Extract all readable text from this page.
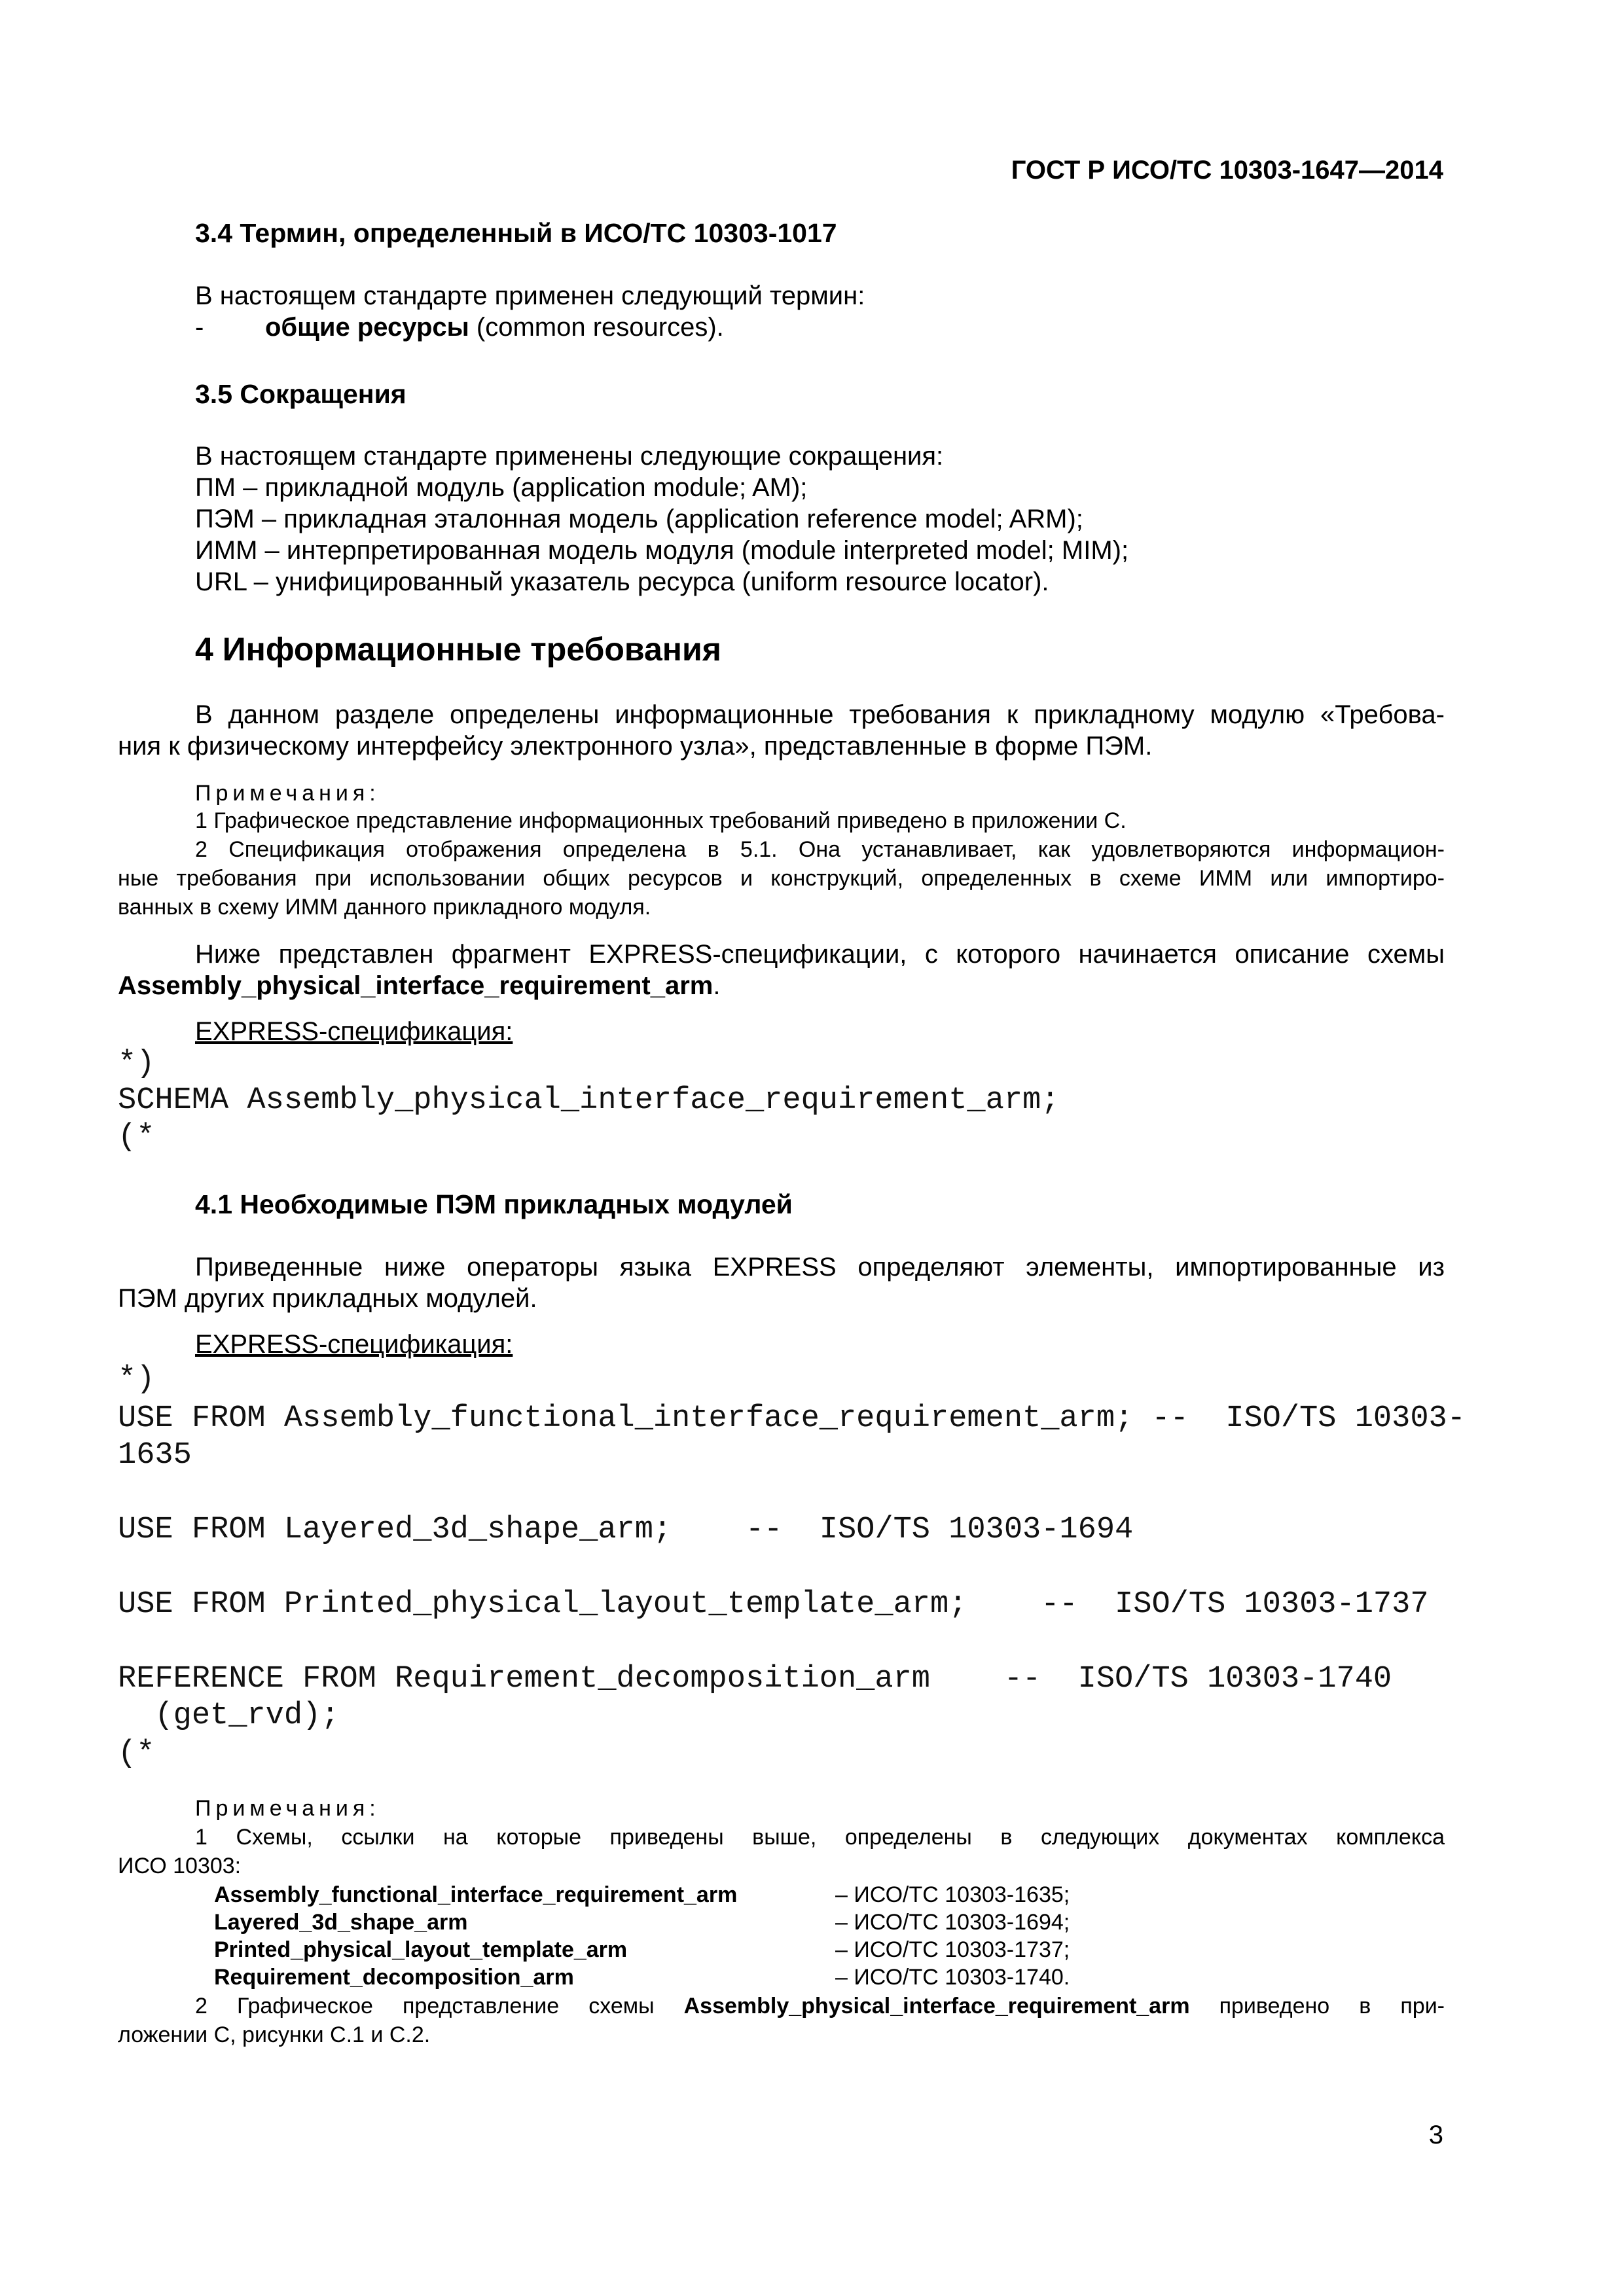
ГОСТ Р ИСО/ТС 10303-1647—2014
3.4 Термин, определенный в ИСО/ТС 10303-1017
В настоящем стандарте применен следующий термин:
- общие ресурсы (common resources).
3.5 Сокращения
В настоящем стандарте применены следующие сокращения:
ПМ – прикладной модуль (application module; AM);
ПЭМ – прикладная эталонная модель (application reference model; ARM);
ИММ – интерпретированная модель модуля (module interpreted model; MIM);
URL – унифицированный указатель ресурса (uniform resource locator).
4 Информационные требования
В данном разделе определены информационные требования к прикладному модулю «Требова-
ния к физическому интерфейсу электронного узла», представленные в форме ПЭМ.
Примечания:
1 Графическое представление информационных требований приведено в приложении С.
2 Спецификация отображения определена в 5.1. Она устанавливает, как удовлетворяются информацион-
ные требования при использовании общих ресурсов и конструкций, определенных в схеме ИММ или импортиро-
ванных в схему ИММ данного прикладного модуля.
Ниже представлен фрагмент EXPRESS-спецификации, с которого начинается описание схемы
Assembly_physical_interface_requirement_arm.
EXPRESS-спецификация:
*)
SCHEMA Assembly_physical_interface_requirement_arm;
(*
4.1 Необходимые ПЭМ прикладных модулей
Приведенные ниже операторы языка EXPRESS определяют элементы, импортированные из
ПЭМ других прикладных модулей.
EXPRESS-спецификация:
*)
USE FROM Assembly_functional_interface_requirement_arm; --  ISO/TS 10303-
1635
USE FROM Layered_3d_shape_arm;    --  ISO/TS 10303-1694
USE FROM Printed_physical_layout_template_arm;    --  ISO/TS 10303-1737
REFERENCE FROM Requirement_decomposition_arm    --  ISO/TS 10303-1740
(get_rvd);
(*
Примечания:
1 Схемы, ссылки на которые приведены выше, определены в следующих документах комплекса
ИСО 10303:
Assembly_functional_interface_requirement_arm	– ИСО/ТС 10303-1635;
Layered_3d_shape_arm	– ИСО/ТС 10303-1694;
Printed_physical_layout_template_arm	– ИСО/ТС 10303-1737;
Requirement_decomposition_arm	– ИСО/ТС 10303-1740.
2 Графическое представление схемы Assembly_physical_interface_requirement_arm приведено в при-
ложении С, рисунки С.1 и С.2.
3
